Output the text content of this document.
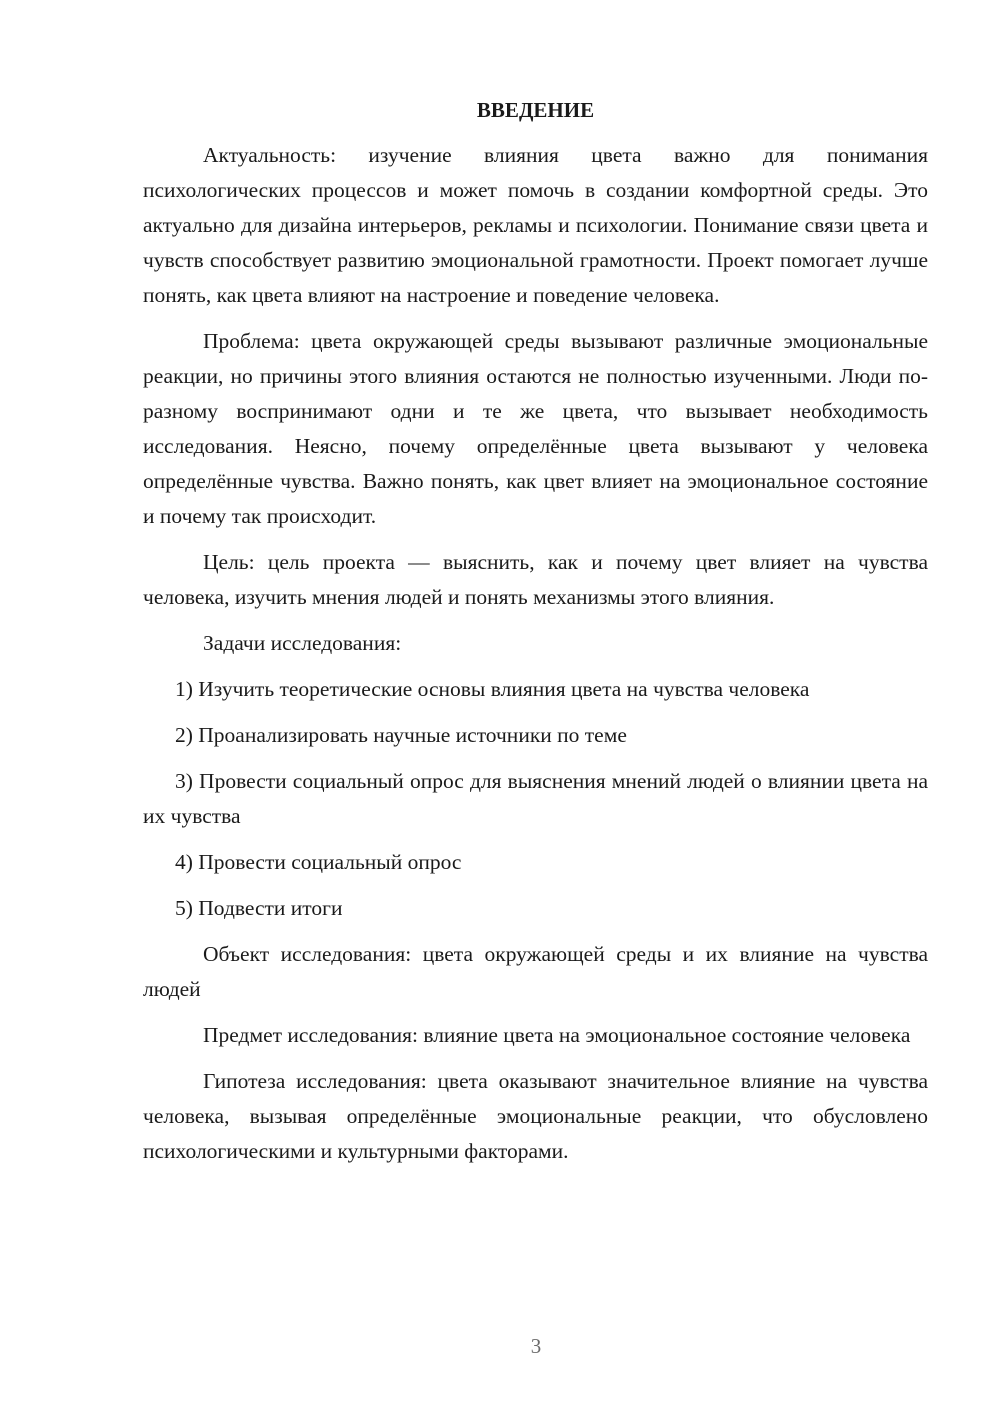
ВВЕДЕНИЕ

Актуальность: изучение влияния цвета важно для понимания психологических процессов и может помочь в создании комфортной среды. Это актуально для дизайна интерьеров, рекламы и психологии. Понимание связи цвета и чувств способствует развитию эмоциональной грамотности. Проект помогает лучше понять, как цвета влияют на настроение и поведение человека.

Проблема: цвета окружающей среды вызывают различные эмоциональные реакции, но причины этого влияния остаются не полностью изученными. Люди по-разному воспринимают одни и те же цвета, что вызывает необходимость исследования. Неясно, почему определённые цвета вызывают у человека определённые чувства. Важно понять, как цвет влияет на эмоциональное состояние и почему так происходит.

Цель: цель проекта — выяснить, как и почему цвет влияет на чувства человека, изучить мнения людей и понять механизмы этого влияния.

Задачи исследования:

1) Изучить теоретические основы влияния цвета на чувства человека

2) Проанализировать научные источники по теме

3) Провести социальный опрос для выяснения мнений людей о влиянии цвета на их чувства

4) Провести социальный опрос

5) Подвести итоги

Объект исследования: цвета окружающей среды и их влияние на чувства людей

Предмет исследования: влияние цвета на эмоциональное состояние человека

Гипотеза исследования: цвета оказывают значительное влияние на чувства человека, вызывая определённые эмоциональные реакции, что обусловлено психологическими и культурными факторами.

3
